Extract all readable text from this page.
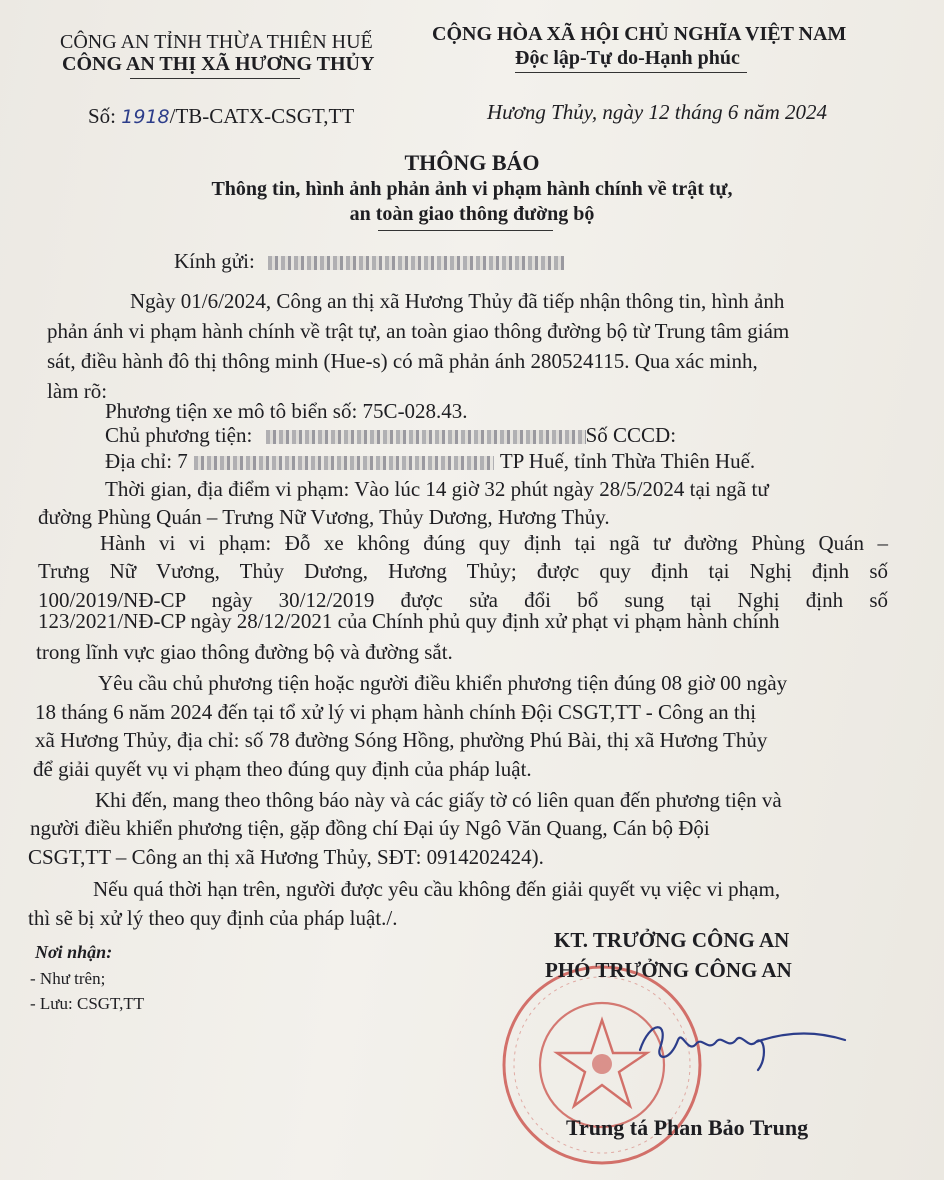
CÔNG AN TỈNH THỪA THIÊN HUẾ
CÔNG AN THỊ XÃ HƯƠNG THỦY
CỘNG HÒA XÃ HỘI CHỦ NGHĨA VIỆT NAM
Độc lập-Tự do-Hạnh phúc
Số: 1918/TB-CATX-CSGT,TT	Hương Thủy, ngày 12 tháng 6 năm 2024
THÔNG BÁO
Thông tin, hình ảnh phản ảnh vi phạm hành chính về trật tự,
an toàn giao thông đường bộ
Kính gửi:
Ngày 01/6/2024, Công an thị xã Hương Thủy đã tiếp nhận thông tin, hình ảnh
phản ánh vi phạm hành chính về trật tự, an toàn giao thông đường bộ từ Trung tâm giám
sát, điều hành đô thị thông minh (Hue-s) có mã phản ánh 280524115. Qua xác minh,
làm rõ:
Phương tiện xe mô tô biển số: 75C-028.43.
Chủ phương tiện:	Số CCCD:
Địa chỉ: 7	TP Huế, tỉnh Thừa Thiên Huế.
Thời gian, địa điểm vi phạm: Vào lúc 14 giờ 32 phút ngày 28/5/2024 tại ngã tư
đường Phùng Quán – Trưng Nữ Vương, Thủy Dương, Hương Thủy.
Hành vi vi phạm: Đỗ xe không đúng quy định tại ngã tư đường Phùng Quán –
Trưng Nữ Vương, Thủy Dương, Hương Thủy; được quy định tại Nghị định số
100/2019/NĐ-CP ngày 30/12/2019 được sửa đổi bổ sung tại Nghị định số
123/2021/NĐ-CP ngày 28/12/2021 của Chính phủ quy định xử phạt vi phạm hành chính
trong lĩnh vực giao thông đường bộ và đường sắt.
Yêu cầu chủ phương tiện hoặc người điều khiển phương tiện đúng 08 giờ 00 ngày
18 tháng 6 năm 2024 đến tại tổ xử lý vi phạm hành chính Đội CSGT,TT - Công an thị
xã Hương Thủy, địa chỉ: số 78 đường Sóng Hồng, phường Phú Bài, thị xã Hương Thủy
để giải quyết vụ vi phạm theo đúng quy định của pháp luật.
Khi đến, mang theo thông báo này và các giấy tờ có liên quan đến phương tiện và
người điều khiển phương tiện, gặp đồng chí Đại úy Ngô Văn Quang, Cán bộ Đội
CSGT,TT – Công an thị xã Hương Thủy, SĐT: 0914202424).
Nếu quá thời hạn trên, người được yêu cầu không đến giải quyết vụ việc vi phạm,
thì sẽ bị xử lý theo quy định của pháp luật./.
Nơi nhận:
- Như trên;
- Lưu: CSGT,TT
KT. TRƯỞNG CÔNG AN
PHÓ TRƯỞNG CÔNG AN
Trung tá Phan Bảo Trung
